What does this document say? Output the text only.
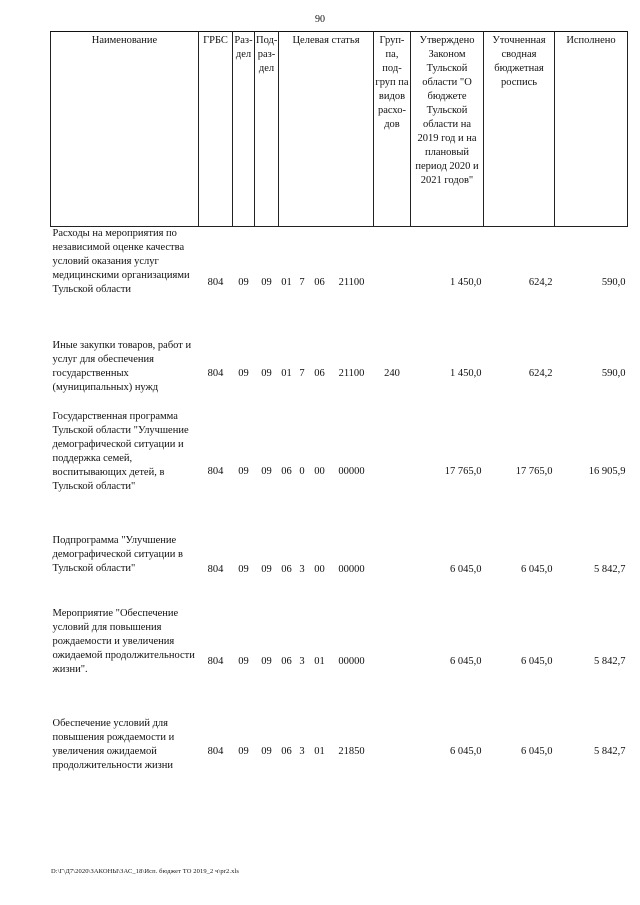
90
Наименование	ГРБС	Раз-дел	Под-раз-дел	Целевая статья				Груп-па, под-груп па видов расхо-дов	Утверждено Законом Тульской области "О бюджете Тульской области на 2019 год и на плановый период 2020 и 2021 годов"	Уточненная сводная бюджетная роспись	Исполнено
Расходы на мероприятия по независимой оценке качества условий оказания услуг медицинскими организациями Тульской области	804	09	09	01	7	06	21100		1 450,0	624,2	590,0
Иные закупки товаров, работ и услуг для обеспечения государственных (муниципальных) нужд	804	09	09	01	7	06	21100	240	1 450,0	624,2	590,0
Государственная программа Тульской области "Улучшение демографической ситуации и поддержка семей, воспитывающих детей, в Тульской области"	804	09	09	06	0	00	00000		17 765,0	17 765,0	16 905,9
Подпрограмма "Улучшение демографической ситуации в Тульской области"	804	09	09	06	3	00	00000		6 045,0	6 045,0	5 842,7
Мероприятие "Обеспечение условий для повышения рождаемости и увеличения ожидаемой продолжительности жизни".	804	09	09	06	3	01	00000		6 045,0	6 045,0	5 842,7
Обеспечение условий для повышения рождаемости и увеличения ожидаемой продолжительности жизни	804	09	09	06	3	01	21850		6 045,0	6 045,0	5 842,7
D:\Г\Д7\2020\ЗАКОНЫ\ЗАС_18\Исп. бюджет ТО 2019_2 ч\pr2.xls
